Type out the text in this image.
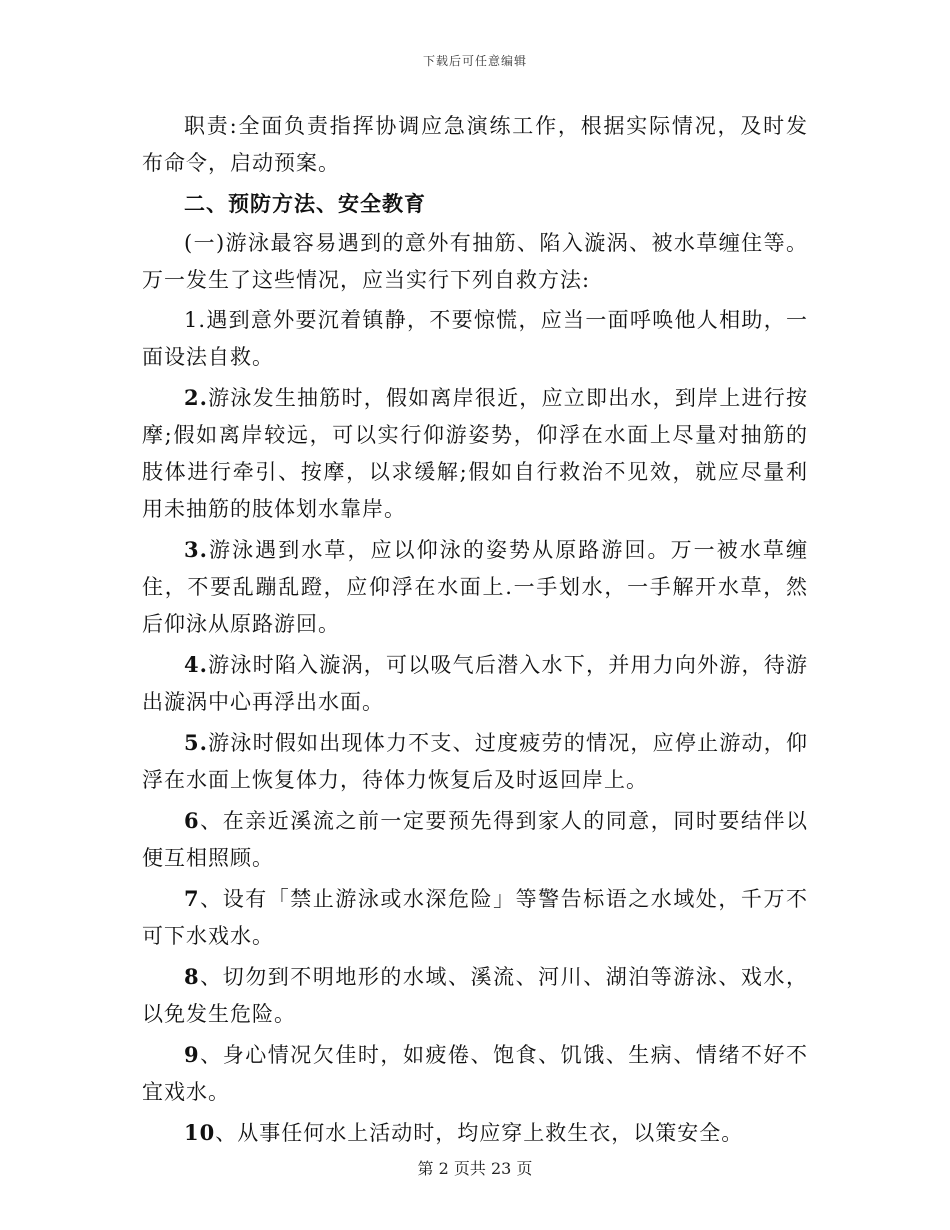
下载后可任意编辑

职责:全面负责指挥协调应急演练工作，根据实际情况，及时发布命令，启动预案。

二、预防方法、安全教育

(一)游泳最容易遇到的意外有抽筋、陷入漩涡、被水草缠住等。万一发生了这些情况，应当实行下列自救方法:

1.遇到意外要沉着镇静，不要惊慌，应当一面呼唤他人相助，一面设法自救。

2.游泳发生抽筋时，假如离岸很近，应立即出水，到岸上进行按摩;假如离岸较远，可以实行仰游姿势，仰浮在水面上尽量对抽筋的肢体进行牵引、按摩，以求缓解;假如自行救治不见效，就应尽量利用未抽筋的肢体划水靠岸。

3.游泳遇到水草，应以仰泳的姿势从原路游回。万一被水草缠住，不要乱蹦乱蹬，应仰浮在水面上.一手划水，一手解开水草，然后仰泳从原路游回。

4.游泳时陷入漩涡，可以吸气后潜入水下，并用力向外游，待游出漩涡中心再浮出水面。

5.游泳时假如出现体力不支、过度疲劳的情况，应停止游动，仰浮在水面上恢复体力，待体力恢复后及时返回岸上。

6、在亲近溪流之前一定要预先得到家人的同意，同时要结伴以便互相照顾。

7、设有「禁止游泳或水深危险」等警告标语之水域处，千万不可下水戏水。

8、切勿到不明地形的水域、溪流、河川、湖泊等游泳、戏水，以免发生危险。

9、身心情况欠佳时，如疲倦、饱食、饥饿、生病、情绪不好不宜戏水。

10、从事任何水上活动时，均应穿上救生衣，以策安全。

第 2 页共 23 页
